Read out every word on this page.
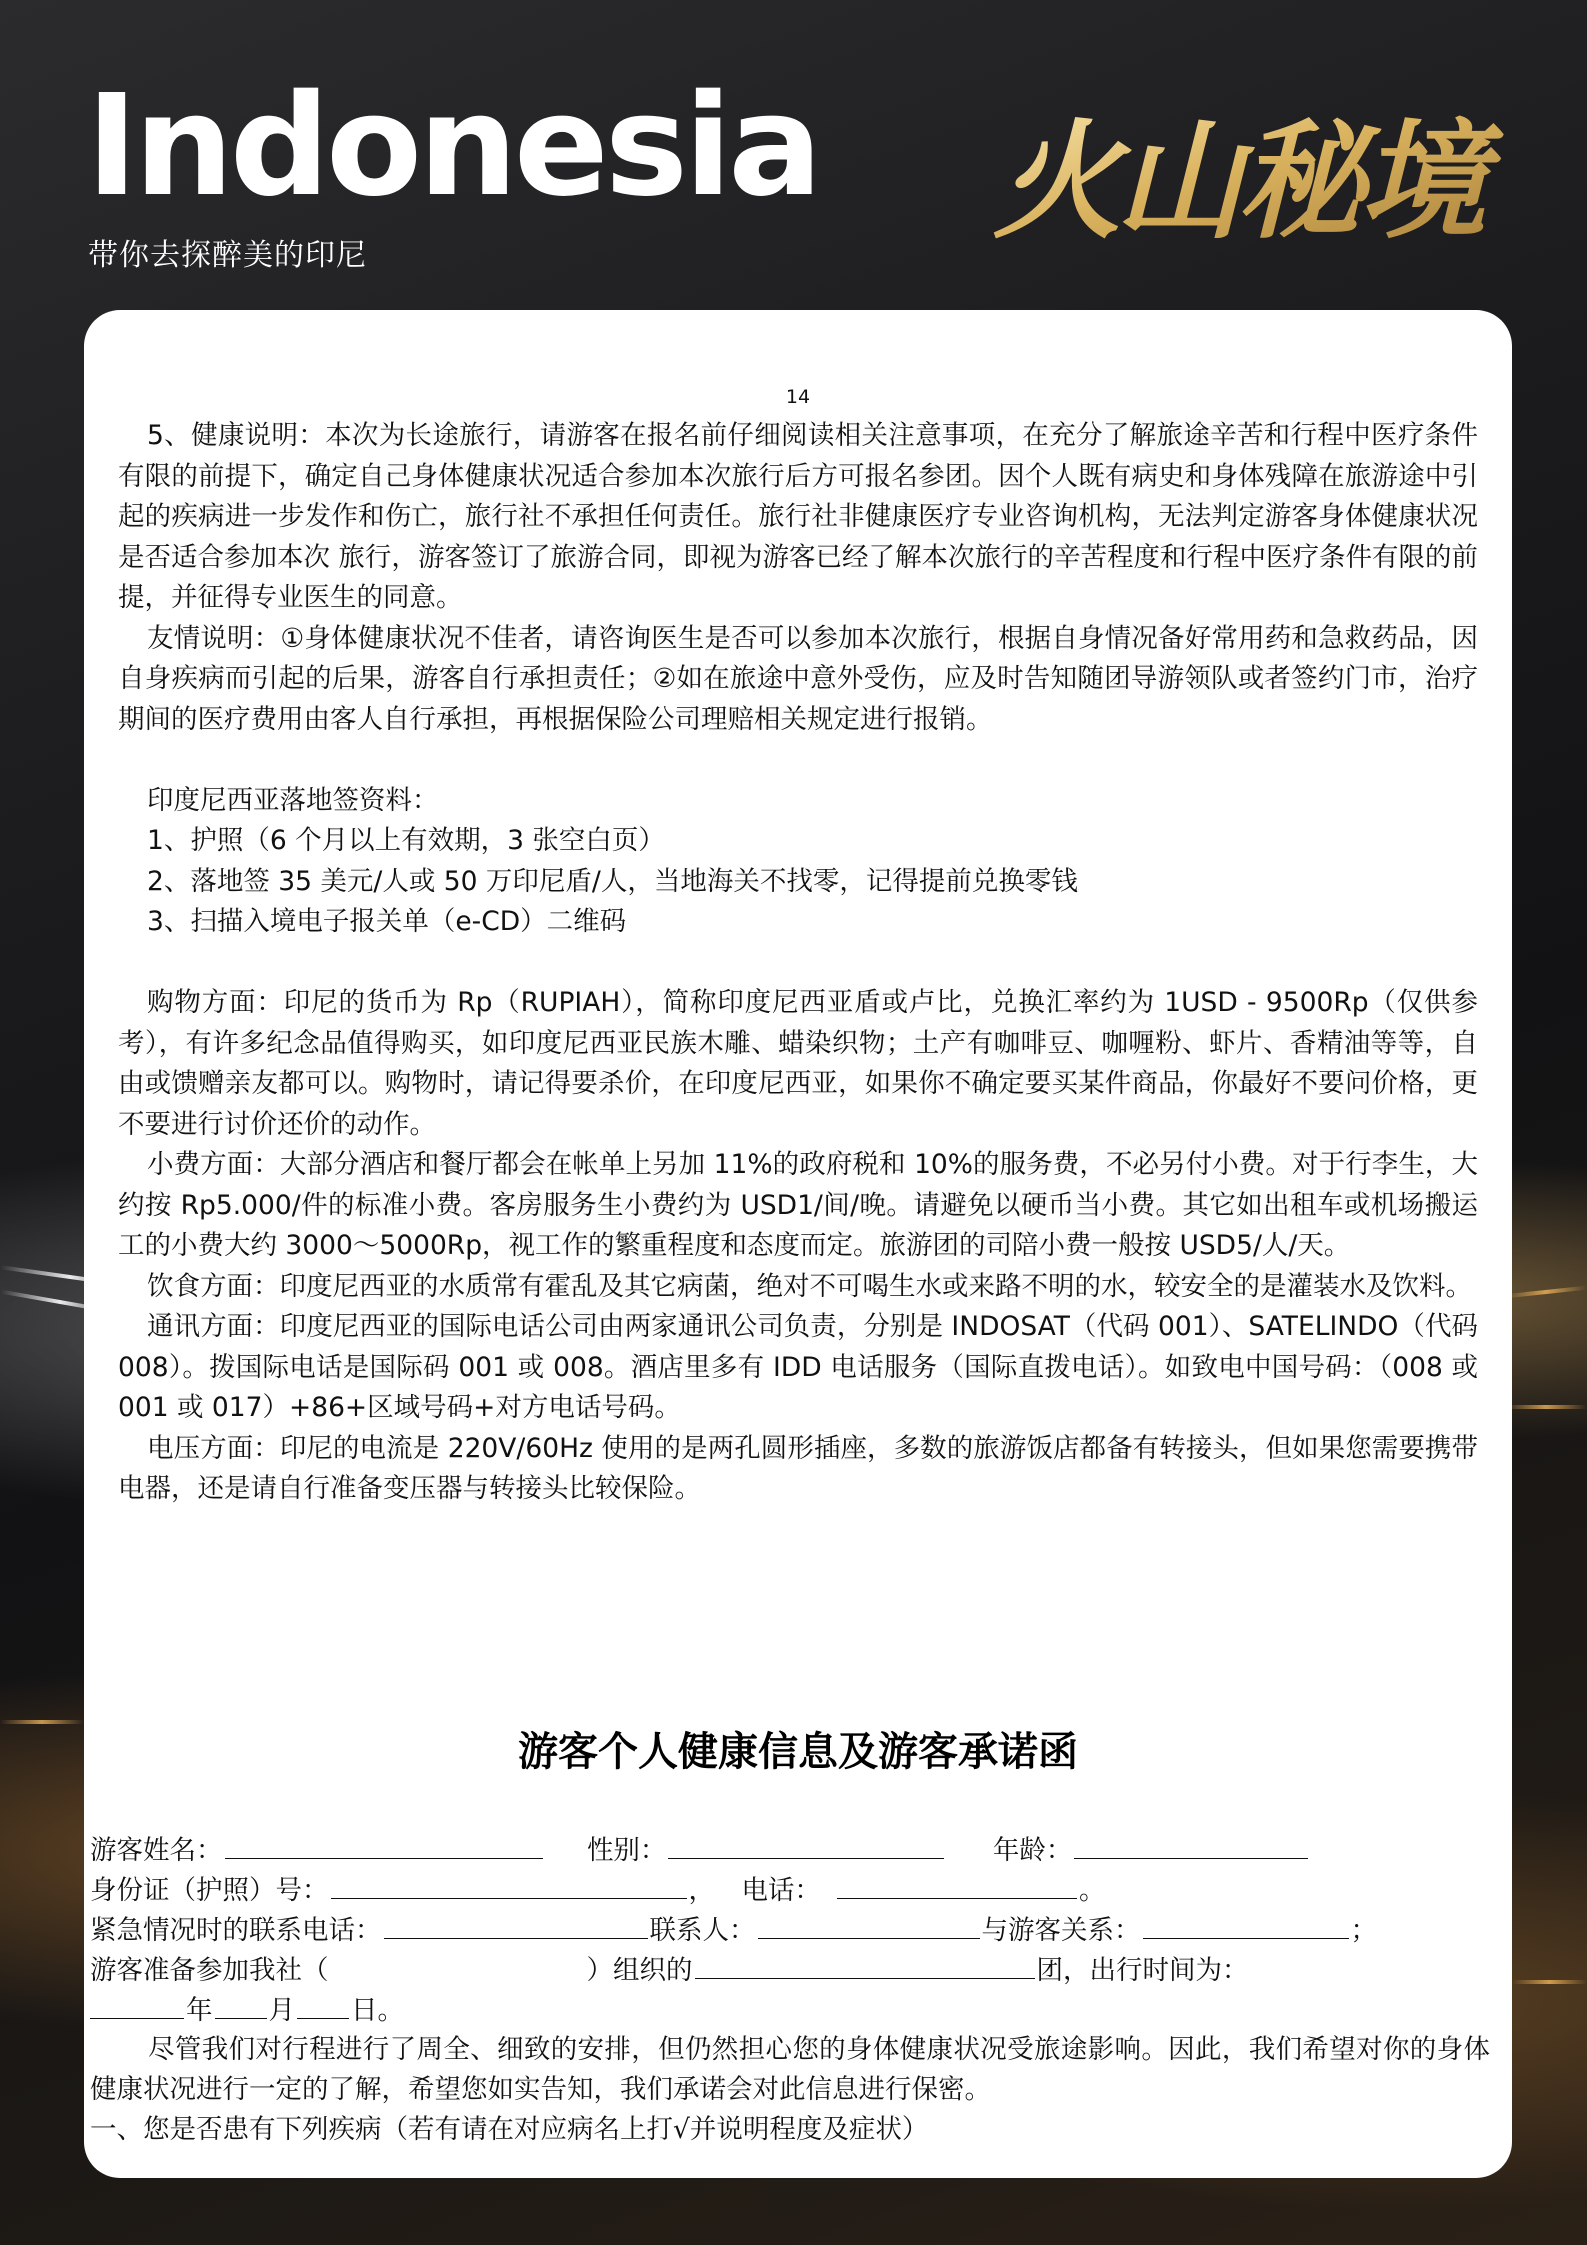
Indonesia

带你去探醉美的印尼	火山秘境
14

5、健康说明：本次为长途旅行，请游客在报名前仔细阅读相关注意事项，在充分了解旅途辛苦和行程中医疗条件有限的前提下，确定自己身体健康状况适合参加本次旅行后方可报名参团。因个人既有病史和身体残障在旅游途中引起的疾病进一步发作和伤亡，旅行社不承担任何责任。旅行社非健康医疗专业咨询机构，无法判定游客身体健康状况是否适合参加本次 旅行，游客签订了旅游合同，即视为游客已经了解本次旅行的辛苦程度和行程中医疗条件有限的前提，并征得专业医生的同意。

友情说明：①身体健康状况不佳者，请咨询医生是否可以参加本次旅行，根据自身情况备好常用药和急救药品，因自身疾病而引起的后果，游客自行承担责任；②如在旅途中意外受伤，应及时告知随团导游领队或者签约门市，治疗期间的医疗费用由客人自行承担，再根据保险公司理赔相关规定进行报销。

印度尼西亚落地签资料：

1、护照（6 个月以上有效期，3 张空白页）

2、落地签 35 美元/人或 50 万印尼盾/人，当地海关不找零，记得提前兑换零钱

3、扫描入境电子报关单（e-CD）二维码

购物方面：印尼的货币为 Rp（RUPIAH），简称印度尼西亚盾或卢比，兑换汇率约为 1USD - 9500Rp（仅供参考），有许多纪念品值得购买，如印度尼西亚民族木雕、蜡染织物；土产有咖啡豆、咖喱粉、虾片、香精油等等，自由或馈赠亲友都可以。购物时，请记得要杀价，在印度尼西亚，如果你不确定要买某件商品，你最好不要问价格，更不要进行讨价还价的动作。

小费方面：大部分酒店和餐厅都会在帐单上另加 11%的政府税和 10%的服务费，不必另付小费。对于行李生，大约按 Rp5.000/件的标准小费。客房服务生小费约为 USD1/间/晚。请避免以硬币当小费。其它如出租车或机场搬运工的小费大约 3000～5000Rp，视工作的繁重程度和态度而定。旅游团的司陪小费一般按 USD5/人/天。

饮食方面：印度尼西亚的水质常有霍乱及其它病菌，绝对不可喝生水或来路不明的水，较安全的是灌装水及饮料。

通讯方面：印度尼西亚的国际电话公司由两家通讯公司负责，分别是 INDOSAT（代码 001）、SATELINDO（代码 008）。拨国际电话是国际码 001 或 008。酒店里多有 IDD 电话服务（国际直拨电话）。如致电中国号码：（008 或 001 或 017）+86+区域号码+对方电话号码。

电压方面：印尼的电流是 220V/60Hz 使用的是两孔圆形插座，多数的旅游饭店都备有转接头，但如果您需要携带电器，还是请自行准备变压器与转接头比较保险。

游客个人健康信息及游客承诺函
游客姓名：	性别：	年龄：
身份证（护照）号：	， 电话：	。
紧急情况时的联系电话：	联系人：	与游客关系：	；
游客准备参加我社（	）组织的	团，出行时间为：
年 月 日。
尽管我们对行程进行了周全、细致的安排，但仍然担心您的身体健康状况受旅途影响。因此，我们希望对你的身体健康状况进行一定的了解，希望您如实告知，我们承诺会对此信息进行保密。
一、您是否患有下列疾病（若有请在对应病名上打√并说明程度及症状）
